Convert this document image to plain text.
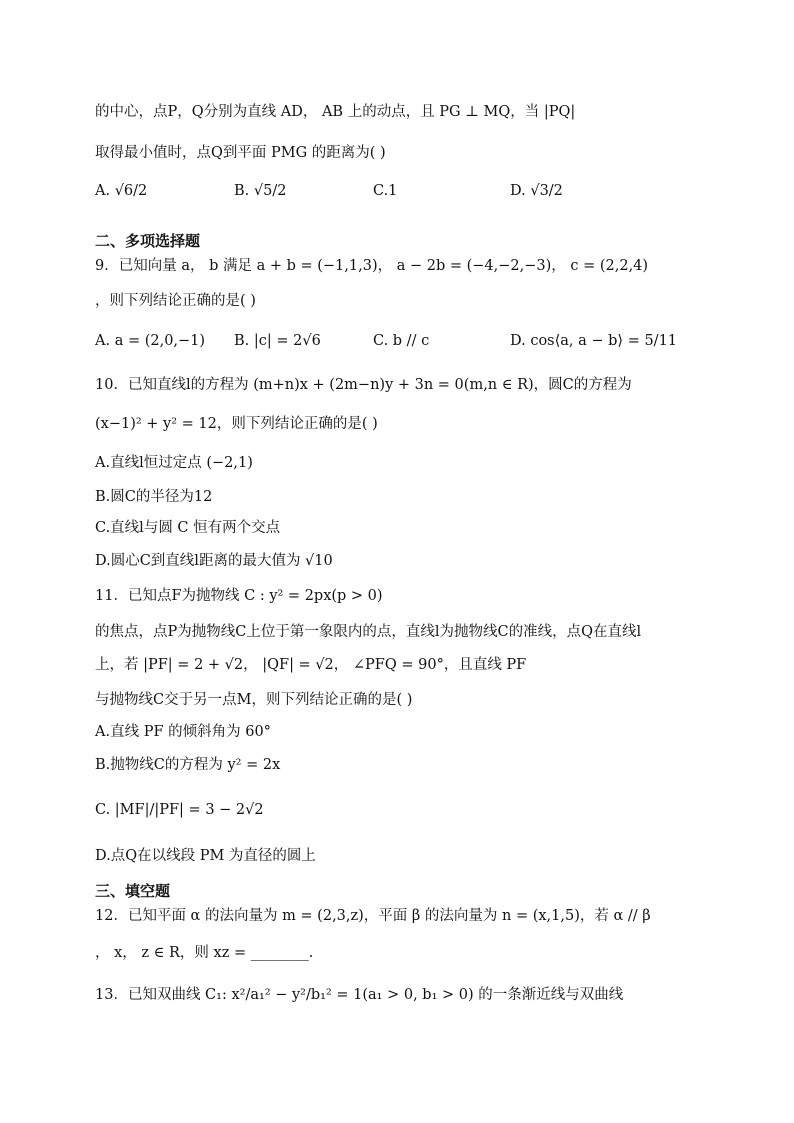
的中心，点P，Q分别为直线 AD， AB 上的动点，且 PG ⊥ MQ，当 |PQ|
取得最小值时，点Q到平面 PMG 的距离为( )
A. √6/2	B. √5/2	C.1	D. √3/2
二、多项选择题
9．已知向量 a， b 满足 a + b = (−1,1,3)， a − 2b = (−4,−2,−3)， c = (2,2,4)
，则下列结论正确的是( )
A. a = (2,0,−1) B. |c| = 2√6	C. b // c	D. cos⟨a, a − b⟩ = 5/11
10．已知直线l的方程为 (m+n)x + (2m−n)y + 3n = 0(m,n ∈ R)，圆C的方程为
(x−1)² + y² = 12，则下列结论正确的是( )
A.直线l恒过定点 (−2,1)
B.圆C的半径为12
C.直线l与圆 C 恒有两个交点
D.圆心C到直线l距离的最大值为 √10
11．已知点F为抛物线 C : y² = 2px(p > 0)
的焦点，点P为抛物线C上位于第一象限内的点，直线l为抛物线C的准线，点Q在直线l
上，若 |PF| = 2 + √2， |QF| = √2， ∠PFQ = 90°，且直线 PF
与抛物线C交于另一点M，则下列结论正确的是( )
A.直线 PF 的倾斜角为 60°
B.抛物线C的方程为 y² = 2x
C. |MF|/|PF| = 3 − 2√2
D.点Q在以线段 PM 为直径的圆上
三、填空题
12．已知平面 α 的法向量为 m = (2,3,z)，平面 β 的法向量为 n = (x,1,5)，若 α // β
， x， z ∈ R，则 xz = ________.
13．已知双曲线 C₁: x²/a₁² − y²/b₁² = 1(a₁ > 0, b₁ > 0) 的一条渐近线与双曲线
